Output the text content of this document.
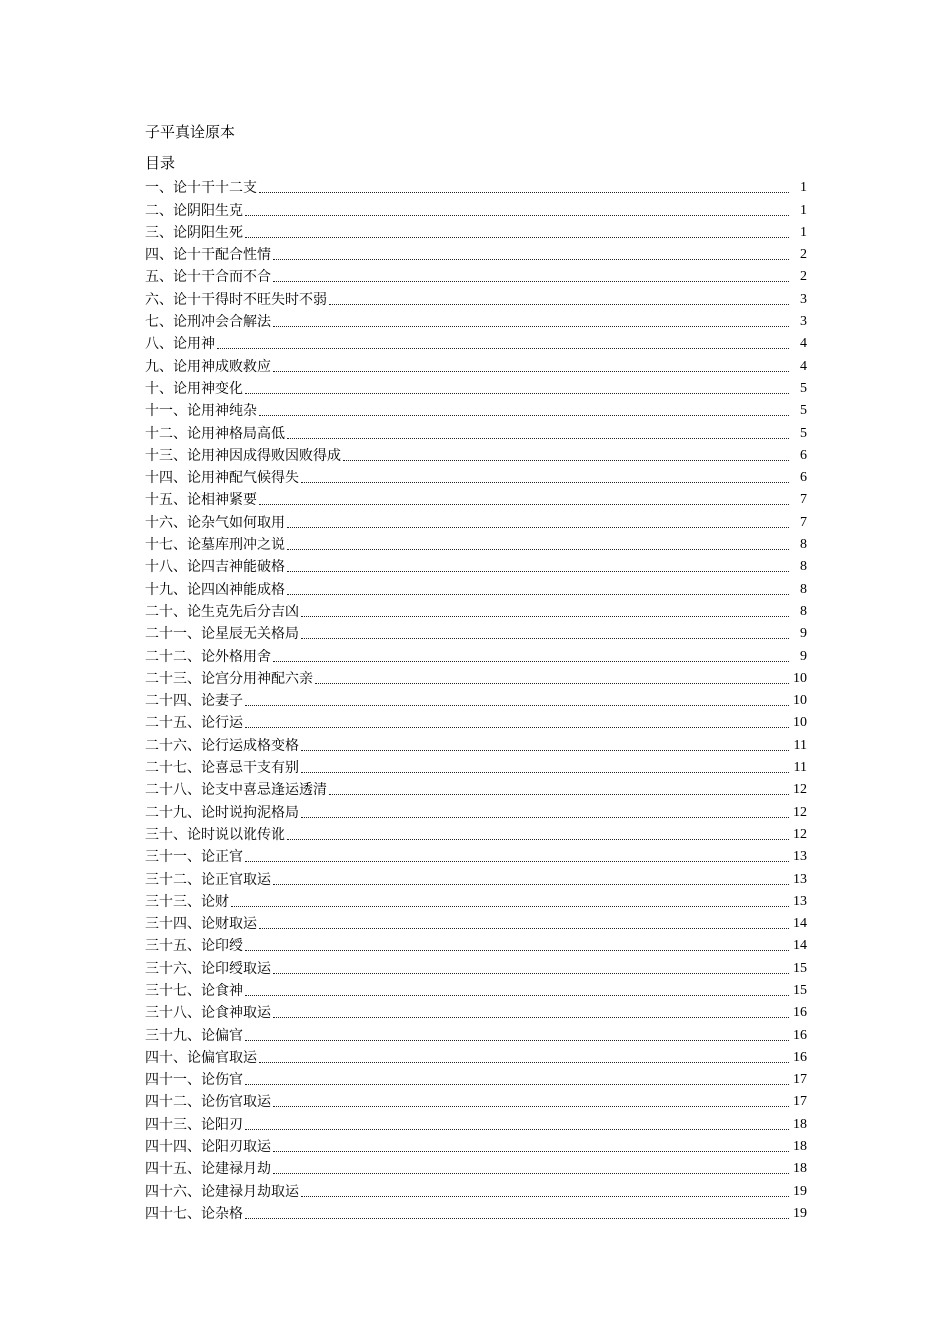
子平真诠原本
目录
一、论十干十二支	1
二、论阴阳生克	1
三、论阴阳生死	1
四、论十干配合性情	2
五、论十干合而不合	2
六、论十干得时不旺失时不弱	3
七、论刑冲会合解法	3
八、论用神	4
九、论用神成败救应	4
十、论用神变化	5
十一、论用神纯杂	5
十二、论用神格局高低	5
十三、论用神因成得败因败得成	6
十四、论用神配气候得失	6
十五、论相神紧要	7
十六、论杂气如何取用	7
十七、论墓库刑冲之说	8
十八、论四吉神能破格	8
十九、论四凶神能成格	8
二十、论生克先后分吉凶	8
二十一、论星辰无关格局	9
二十二、论外格用舍	9
二十三、论宫分用神配六亲	10
二十四、论妻子	10
二十五、论行运	10
二十六、论行运成格变格	11
二十七、论喜忌干支有别	11
二十八、论支中喜忌逢运透清	12
二十九、论时说拘泥格局	12
三十、论时说以讹传讹	12
三十一、论正官	13
三十二、论正官取运	13
三十三、论财	13
三十四、论财取运	14
三十五、论印绶	14
三十六、论印绶取运	15
三十七、论食神	15
三十八、论食神取运	16
三十九、论偏官	16
四十、论偏官取运	16
四十一、论伤官	17
四十二、论伤官取运	17
四十三、论阳刃	18
四十四、论阳刃取运	18
四十五、论建禄月劫	18
四十六、论建禄月劫取运	19
四十七、论杂格	19
